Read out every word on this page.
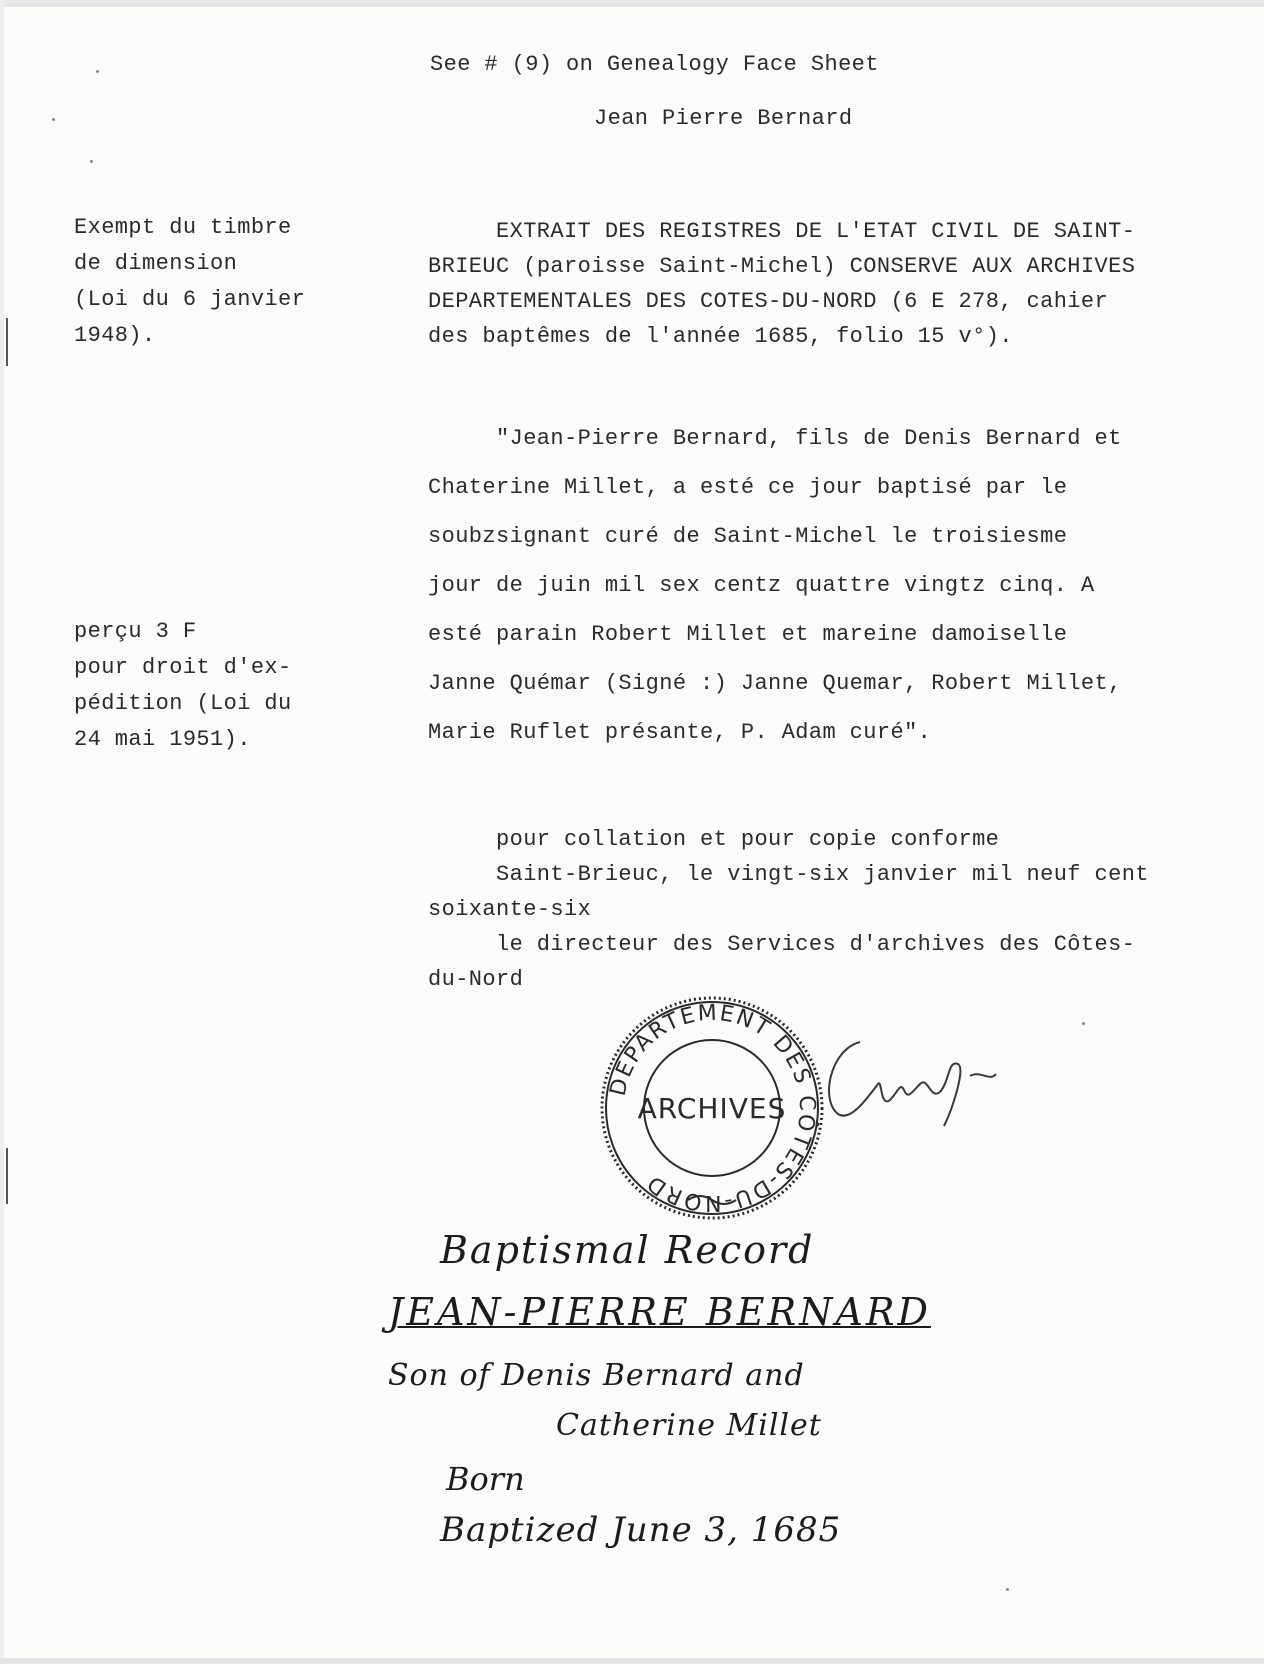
See # (9) on Genealogy Face Sheet
Jean Pierre Bernard
Exempt du timbre
de dimension
(Loi du 6 janvier
1948).
perçu 3 F
pour droit d'ex-
pédition (Loi du
24 mai 1951).
EXTRAIT DES REGISTRES DE L'ETAT CIVIL DE SAINT-
BRIEUC (paroisse Saint-Michel) CONSERVE AUX ARCHIVES
DEPARTEMENTALES DES COTES-DU-NORD (6 E 278, cahier
des baptêmes de l'année 1685, folio 15 v°).
"Jean-Pierre Bernard, fils de Denis Bernard et
Chaterine Millet, a esté ce jour baptisé par le
soubzsignant curé de Saint-Michel le troisiesme
jour de juin mil sex centz quattre vingtz cinq. A
esté parain Robert Millet et mareine damoiselle
Janne Quémar (Signé :) Janne Quemar, Robert Millet,
Marie Ruflet présante, P. Adam curé".
pour collation et pour copie conforme
Saint-Brieuc, le vingt-six janvier mil neuf cent
soixante-six
le directeur des Services d'archives des Côtes-
du-Nord
DEPARTEMENT DES CÔTES-DU-NORD
ARCHIVES
Baptismal Record
JEAN-PIERRE BERNARD
Son of Denis Bernard and
Catherine Millet
Born
Baptized June 3, 1685
